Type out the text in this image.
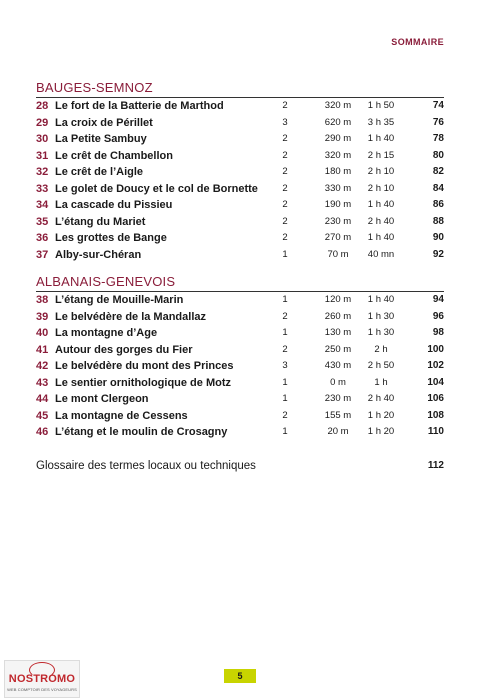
SOMMAIRE
BAUGES-SEMNOZ
28 Le fort de la Batterie de Marthod	2	320 m	1 h 50	74
29 La croix de Périllet	3	620 m	3 h 35	76
30 La Petite Sambuy	2	290 m	1 h 40	78
31 Le crêt de Chambellon	2	320 m	2 h 15	80
32 Le crêt de l’Aigle	2	180 m	2 h 10	82
33 Le golet de Doucy et le col de Bornette	2	330 m	2 h 10	84
34 La cascade du Pissieu	2	190 m	1 h 40	86
35 L’étang du Mariet	2	230 m	2 h 40	88
36 Les grottes de Bange	2	270 m	1 h 40	90
37 Alby-sur-Chéran	1	70 m	40 mn	92
ALBANAIS-GENEVOIS
38 L’étang de Mouille-Marin	1	120 m	1 h 40	94
39 Le belvédère de la Mandallaz	2	260 m	1 h 30	96
40 La montagne d’Age	1	130 m	1 h 30	98
41 Autour des gorges du Fier	2	250 m	2 h	100
42 Le belvédère du mont des Princes	3	430 m	2 h 50	102
43 Le sentier ornithologique de Motz	1	0 m	1 h	104
44 Le mont Clergeon	1	230 m	2 h 40	106
45 La montagne de Cessens	2	155 m	1 h 20	108
46 L’étang et le moulin de Crosagny	1	20 m	1 h 20	110
Glossaire des termes locaux ou techniques	112
5
NOSTROMO
WEB COMPTOIR DES VOYAGEURS
